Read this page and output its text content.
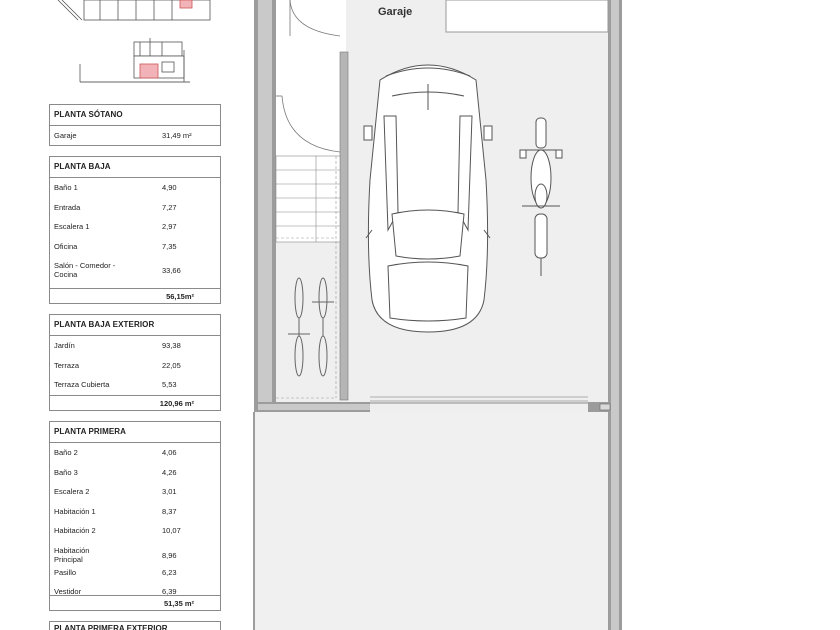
Garaje
PLANTA SÓTANO
Garaje	31,49 m²
PLANTA BAJA
Baño 1	4,90
Entrada	7,27
Escalera 1	2,97
Oficina	7,35
Salón - Comedor - Cocina	33,66
56,15m²
PLANTA BAJA EXTERIOR
Jardín	93,38
Terraza	22,05
Terraza Cubierta	5,53
120,96 m²
PLANTA PRIMERA
Baño 2	4,06
Baño 3	4,26
Escalera 2	3,01
Habitación 1	8,37
Habitación 2	10,07
Habitación Principal	8,96
Pasillo	6,23
Vestidor	6,39
51,35 m²
PLANTA PRIMERA EXTERIOR
